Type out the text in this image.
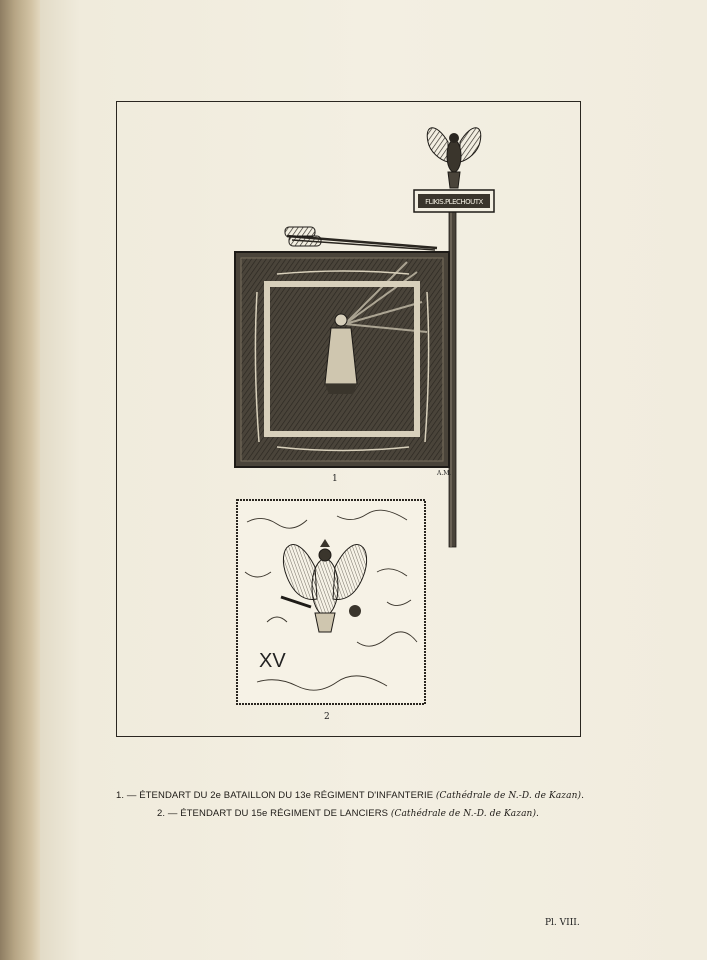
1
A.M.
FLIKIS.PLECHOUTX
XV
2
1. — ÉTENDART DU 2e BATAILLON DU 13e RÉGIMENT D'INFANTERIE (Cathédrale de N.-D. de Kazan).
2. — ÉTENDART DU 15e RÉGIMENT DE LANCIERS (Cathédrale de N.-D. de Kazan).
Pl. VIII.
